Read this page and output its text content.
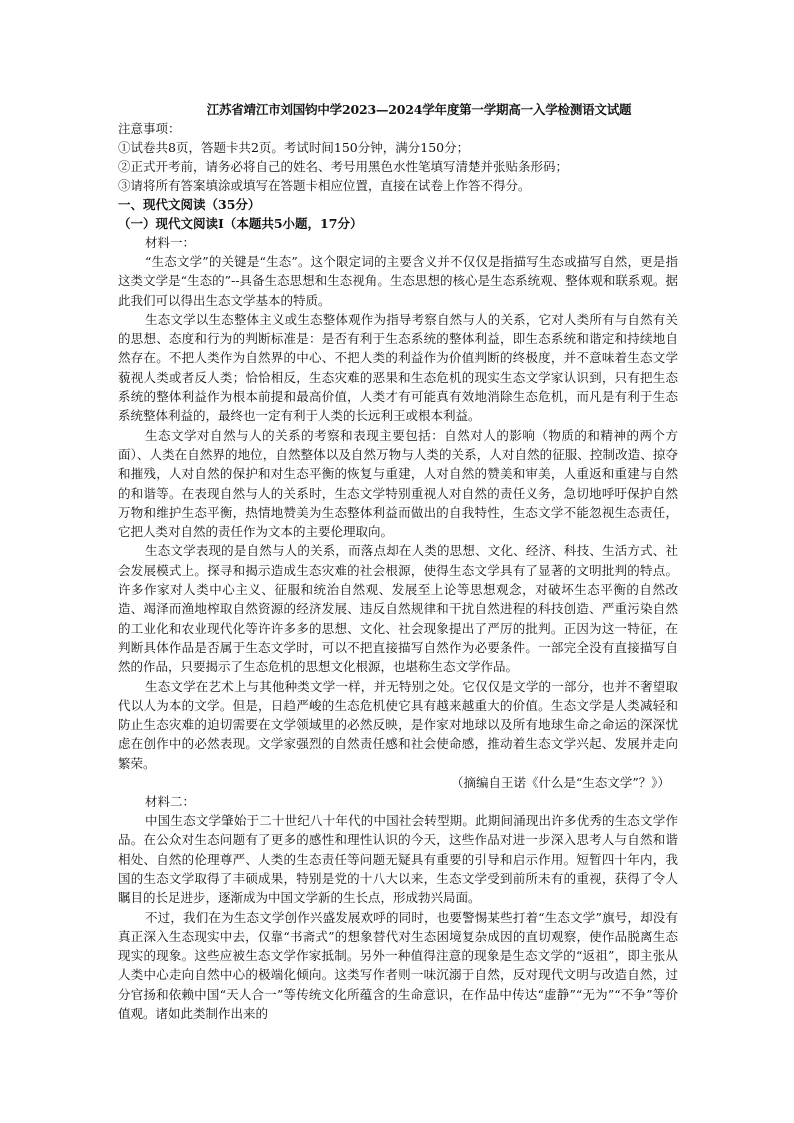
江苏省靖江市刘国钧中学2023—2024学年度第一学期高一入学检测语文试题
注意事项：
①试卷共8页，答题卡共2页。考试时间150分钟，满分150分；
②正式开考前，请务必将自己的姓名、考号用黑色水性笔填写清楚并张贴条形码；
③请将所有答案填涂或填写在答题卡相应位置，直接在试卷上作答不得分。
一、现代文阅读（35分）
（一）现代文阅读Ⅰ（本题共5小题，17分）
材料一：

“生态文学”的关键是“生态”。这个限定词的主要含义并不仅仅是指描写生态或描写自然，更是指这类文学是“生态的”--具备生态思想和生态视角。生态思想的核心是生态系统观、整体观和联系观。据此我们可以得出生态文学基本的特质。

生态文学以生态整体主义或生态整体观作为指导考察自然与人的关系，它对人类所有与自然有关的思想、态度和行为的判断标准是：是否有利于生态系统的整体利益，即生态系统和谐定和持续地自然存在。不把人类作为自然界的中心、不把人类的利益作为价值判断的终极度，并不意味着生态文学藐视人类或者反人类；恰恰相反，生态灾难的恶果和生态危机的现实生态文学家认识到，只有把生态系统的整体利益作为根本前提和最高价值，人类才有可能真有效地消除生态危机，而凡是有利于生态系统整体利益的，最终也一定有利于人类的长远利王或根本利益。

生态文学对自然与人的关系的考察和表现主要包括：自然对人的影响（物质的和精神的两个方面）、人类在自然界的地位，自然整体以及自然万物与人类的关系，人对自然的征服、控制改造、掠夺和摧残，人对自然的保护和对生态平衡的恢复与重建，人对自然的赞美和审美，人重返和重建与自然的和谐等。在表现自然与人的关系时，生态文学特别重视人对自然的责任义务，急切地呼吁保护自然万物和维护生态平衡，热情地赞美为生态整体利益而做出的自我特性，生态文学不能忽视生态责任，它把人类对自然的责任作为文本的主要伦理取向。

生态文学表现的是自然与人的关系，而落点却在人类的思想、文化、经济、科技、生活方式、社会发展模式上。探寻和揭示造成生态灾难的社会根源，使得生态文学具有了显著的文明批判的特点。许多作家对人类中心主义、征服和统治自然观、发展至上论等思想观念，对破坏生态平衡的自然改造、竭泽而渔地榨取自然资源的经济发展、违反自然规律和干扰自然进程的科技创造、严重污染自然的工业化和农业现代化等许许多多的思想、文化、社会现象提出了严厉的批判。正因为这一特征，在判断具体作品是否属于生态文学时，可以不把直接描写自然作为必要条件。一部完全没有直接描写自然的作品，只要揭示了生态危机的思想文化根源，也堪称生态文学作品。

生态文学在艺术上与其他种类文学一样，并无特别之处。它仅仅是文学的一部分，也并不奢望取代以人为本的文学。但是，日趋严峻的生态危机使它具有越来越重大的价值。生态文学是人类减轻和防止生态灾难的迫切需要在文学领域里的必然反映，是作家对地球以及所有地球生命之命运的深深忧虑在创作中的必然表现。文学家强烈的自然责任感和社会使命感，推动着生态文学兴起、发展并走向繁荣。

（摘编自王诺《什么是“生态文学”？》）
材料二：

中国生态文学肇始于二十世纪八十年代的中国社会转型期。此期间涌现出许多优秀的生态文学作品。在公众对生态问题有了更多的感性和理性认识的今天，这些作品对进一步深入思考人与自然和谐相处、自然的伦理尊严、人类的生态责任等问题无疑具有重要的引导和启示作用。短暂四十年内，我国的生态文学取得了丰硕成果，特别是党的十八大以来，生态文学受到前所未有的重视，获得了令人瞩目的长足进步，逐渐成为中国文学新的生长点，形成勃兴局面。

不过，我们在为生态文学创作兴盛发展欢呼的同时，也要警惕某些打着“生态文学”旗号，却没有真正深入生态现实中去，仅靠“书斋式”的想象替代对生态困境复杂成因的直切观察，使作品脱离生态现实的现象。这些应被生态文学作家抵制。另外一种值得注意的现象是生态文学的“返祖”，即主张从人类中心走向自然中心的极端化倾向。这类写作者则一味沉溺于自然，反对现代文明与改造自然，过分官扬和依赖中国“天人合一”等传统文化所蕴含的生命意识，在作品中传达“虚静”“无为”“不争”等价值观。诸如此类制作出来的
